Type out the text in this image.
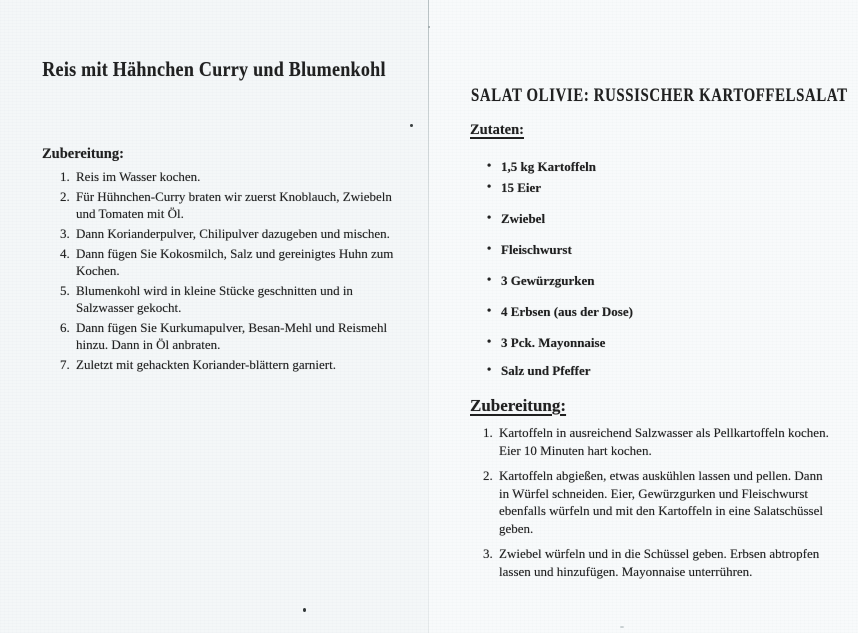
Reis mit Hähnchen Curry und Blumenkohl
Zubereitung:
1. Reis im Wasser kochen.
2. Für Hühnchen-Curry braten wir zuerst Knoblauch, Zwiebeln und Tomaten mit Öl.
3. Dann Korianderpulver, Chilipulver dazugeben und mischen.
4. Dann fügen Sie Kokosmilch, Salz und gereinigtes Huhn zum Kochen.
5. Blumenkohl wird in kleine Stücke geschnitten und in Salzwasser gekocht.
6. Dann fügen Sie Kurkumapulver, Besan-Mehl und Reismehl hinzu. Dann in Öl anbraten.
7. Zuletzt mit gehackten Koriander-blättern garniert.
SALAT OLIVIE: RUSSISCHER KARTOFFELSALAT
Zutaten:
• 1,5 kg Kartoffeln
• 15 Eier
• Zwiebel
• Fleischwurst
• 3 Gewürzgurken
• 4 Erbsen (aus der Dose)
• 3 Pck. Mayonnaise
• Salz und Pfeffer
Zubereitung:
1. Kartoffeln in ausreichend Salzwasser als Pellkartoffeln kochen. Eier 10 Minuten hart kochen.
2. Kartoffeln abgießen, etwas auskühlen lassen und pellen. Dann in Würfel schneiden. Eier, Gewürzgurken und Fleischwurst ebenfalls würfeln und mit den Kartoffeln in eine Salatschüssel geben.
3. Zwiebel würfeln und in die Schüssel geben. Erbsen abtropfen lassen und hinzufügen. Mayonnaise unterrühren.
